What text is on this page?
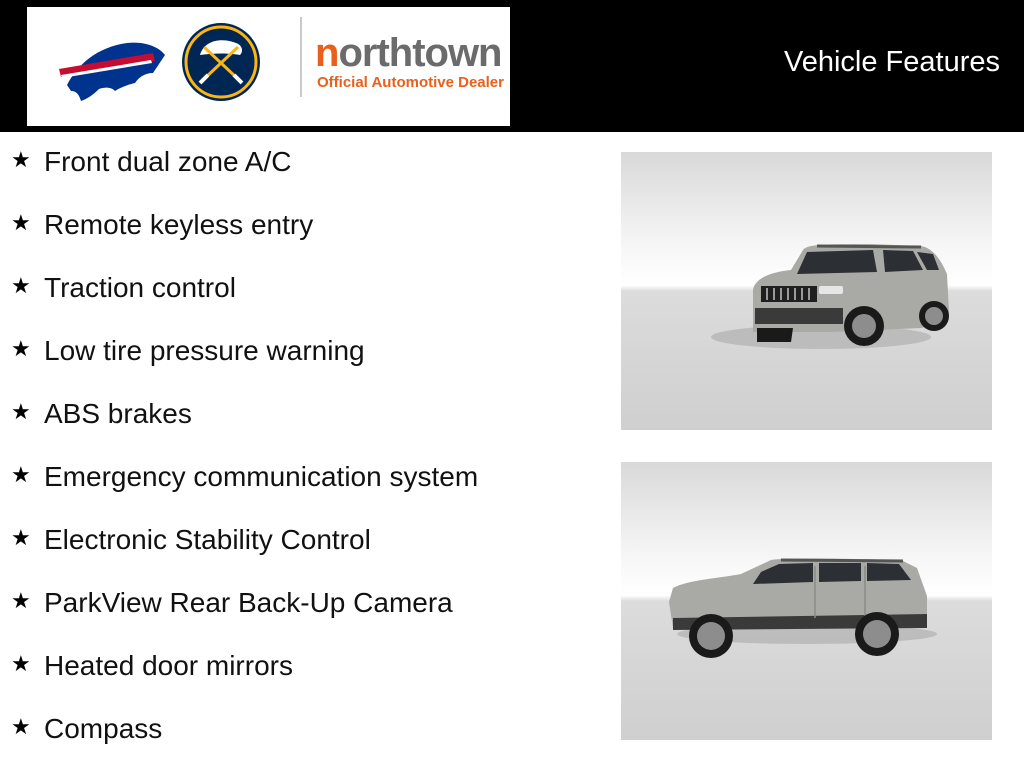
northtown
Official Automotive Dealer
Vehicle Features
★ Front dual zone A/C
★ Remote keyless entry
★ Traction control
★ Low tire pressure warning
★ ABS brakes
★ Emergency communication system
★ Electronic Stability Control
★ ParkView Rear Back-Up Camera
★ Heated door mirrors
★ Compass
